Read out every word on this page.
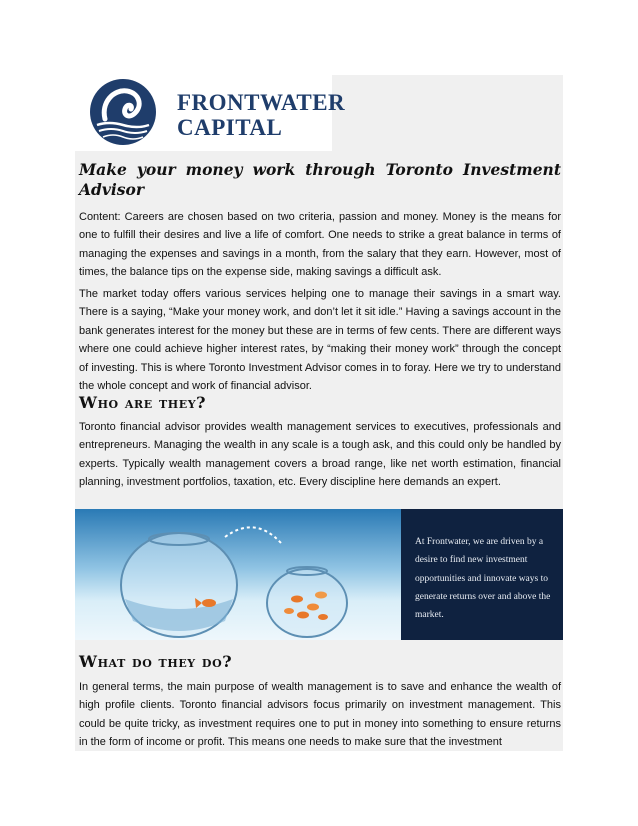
FRONTWATER
CAPITAL
Make your money work through Toronto Investment Advisor

Content: Careers are chosen based on two criteria, passion and money. Money is the means for one to fulfill their desires and live a life of comfort. One needs to strike a great balance in terms of managing the expenses and savings in a month, from the salary that they earn. However, most of times, the balance tips on the expense side, making savings a difficult ask.

The market today offers various services helping one to manage their savings in a smart way. There is a saying, “Make your money work, and don’t let it sit idle.” Having a savings account in the bank generates interest for the money but these are in terms of few cents. There are different ways where one could achieve higher interest rates, by “making their money work” through the concept of investing. This is where Toronto Investment Advisor comes in to foray. Here we try to understand the whole concept and work of financial advisor.

Who are they?

Toronto financial advisor provides wealth management services to executives, professionals and entrepreneurs. Managing the wealth in any scale is a tough ask, and this could only be handled by experts. Typically wealth management covers a broad range, like net worth estimation, financial planning, investment portfolios, taxation, etc. Every discipline here demands an expert.

At Frontwater, we are driven by a desire to find new investment opportunities and innovate ways to generate returns over and above the market.
What do they do?

In general terms, the main purpose of wealth management is to save and enhance the wealth of high profile clients. Toronto financial advisors focus primarily on investment management. This could be quite tricky, as investment requires one to put in money into something to ensure returns in the form of income or profit. This means one needs to make sure that the investment
